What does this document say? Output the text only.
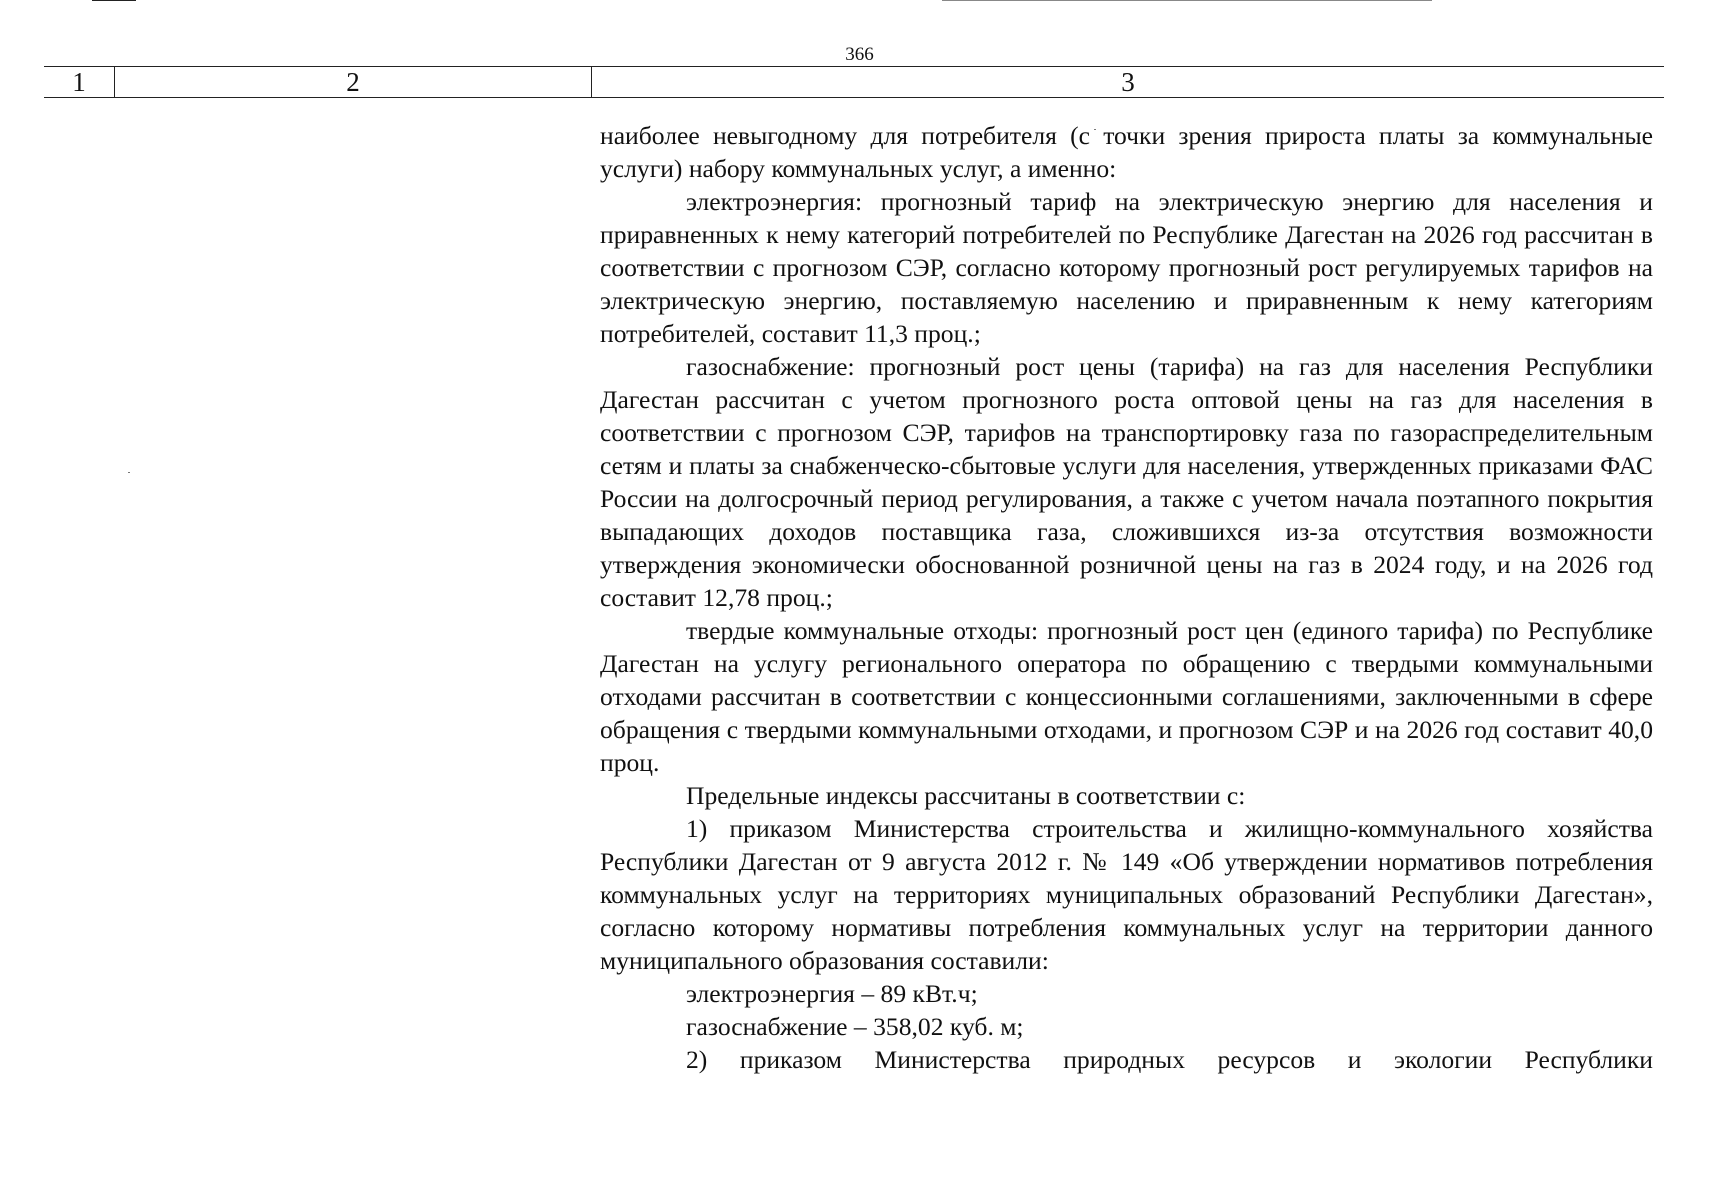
366
1	2	3

наиболее невыгодному для потребителя (с точки зрения прироста платы за коммунальные услуги) набору коммунальных услуг, а именно:

электроэнергия: прогнозный тариф на электрическую энергию для населения и приравненных к нему категорий потребителей по Республике Дагестан на 2026 год рассчитан в соответствии с прогнозом СЭР, согласно которому прогнозный рост регулируемых тарифов на электрическую энергию, поставляемую населению и приравненным к нему категориям потребителей, составит 11,3 проц.;

газоснабжение: прогнозный рост цены (тарифа) на газ для населения Республики Дагестан рассчитан с учетом прогнозного роста оптовой цены на газ для населения в соответствии с прогнозом СЭР, тарифов на транспортировку газа по газораспределительным сетям и платы за снабженческо-сбытовые услуги для населения, утвержденных приказами ФАС России на долгосрочный период регулирования, а также с учетом начала поэтапного покрытия выпадающих доходов поставщика газа, сложившихся из-за отсутствия возможности утверждения экономически обоснованной розничной цены на газ в 2024 году, и на 2026 год составит 12,78 проц.;

твердые коммунальные отходы: прогнозный рост цен (единого тарифа) по Республике Дагестан на услугу регионального оператора по обращению с твердыми коммунальными отходами рассчитан в соответствии с концессионными соглашениями, заключенными в сфере обращения с твердыми коммунальными отходами, и прогнозом СЭР и на 2026 год составит 40,0 проц.

Предельные индексы рассчитаны в соответствии с:

1) приказом Министерства строительства и жилищно-коммунального хозяйства Республики Дагестан от 9 августа 2012 г. № 149 «Об утверждении нормативов потребления коммунальных услуг на территориях муниципальных образований Республики Дагестан», согласно которому нормативы потребления коммунальных услуг на территории данного муниципального образования составили:

электроэнергия – 89 кВт.ч;

газоснабжение – 358,02 куб. м;

2) приказом Министерства природных ресурсов и экологии Республики
